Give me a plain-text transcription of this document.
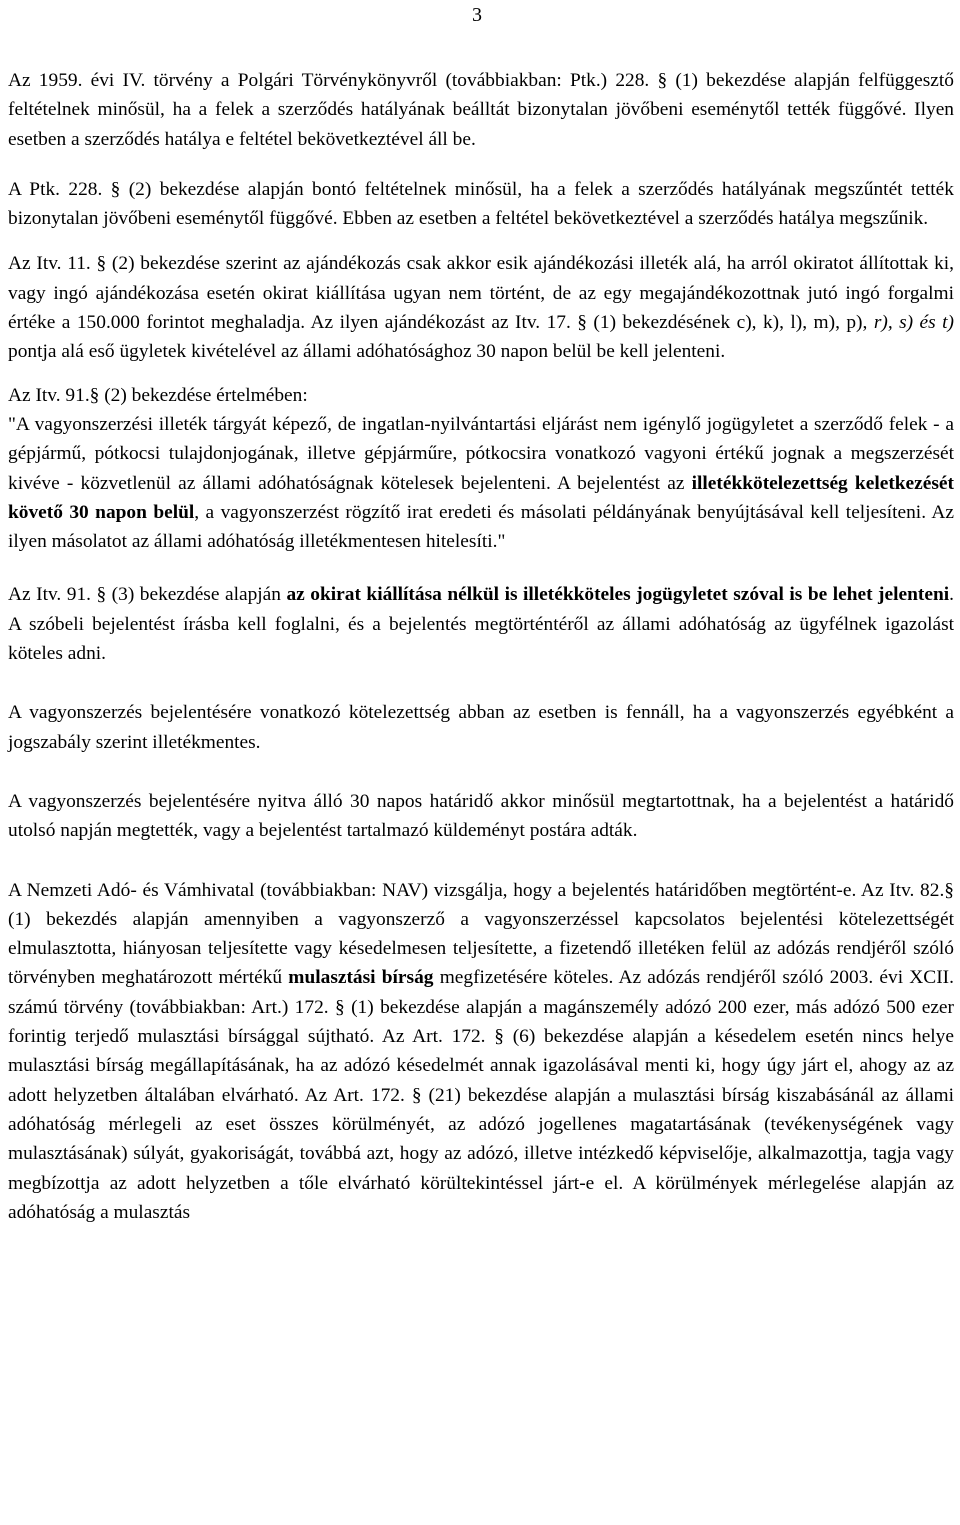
3

Az 1959. évi IV. törvény a Polgári Törvénykönyvről (továbbiakban: Ptk.) 228. § (1) bekezdése alapján felfüggesztő feltételnek minősül, ha a felek a szerződés hatályának beálltát bizonytalan jövőbeni eseménytől tették függővé. Ilyen esetben a szerződés hatálya e feltétel bekövetkeztével áll be.

A Ptk. 228. § (2) bekezdése alapján bontó feltételnek minősül, ha a felek a szerződés hatályának megszűntét tették bizonytalan jövőbeni eseménytől függővé. Ebben az esetben a feltétel bekövetkeztével a szerződés hatálya megszűnik.

Az Itv. 11. § (2) bekezdése szerint az ajándékozás csak akkor esik ajándékozási illeték alá, ha arról okiratot állítottak ki, vagy ingó ajándékozása esetén okirat kiállítása ugyan nem történt, de az egy megajándékozottnak jutó ingó forgalmi értéke a 150.000 forintot meghaladja. Az ilyen ajándékozást az Itv. 17. § (1) bekezdésének c), k), l), m), p), r), s) és t) pontja alá eső ügyletek kivételével az állami adóhatósághoz 30 napon belül be kell jelenteni.

Az Itv. 91.§ (2) bekezdése értelmében:
"A vagyonszerzési illeték tárgyát képező, de ingatlan-nyilvántartási eljárást nem igénylő jogügyletet a szerződő felek - a gépjármű, pótkocsi tulajdonjogának, illetve gépjárműre, pótkocsira vonatkozó vagyoni értékű jognak a megszerzését kivéve - közvetlenül az állami adóhatóságnak kötelesek bejelenteni. A bejelentést az illetékkötelezettség keletkezését követő 30 napon belül, a vagyonszerzést rögzítő irat eredeti és másolati példányának benyújtásával kell teljesíteni. Az ilyen másolatot az állami adóhatóság illetékmentesen hitelesíti."

Az Itv. 91. § (3) bekezdése alapján az okirat kiállítása nélkül is illetékköteles jogügyletet szóval is be lehet jelenteni. A szóbeli bejelentést írásba kell foglalni, és a bejelentés megtörténtéről az állami adóhatóság az ügyfélnek igazolást köteles adni.

A vagyonszerzés bejelentésére vonatkozó kötelezettség abban az esetben is fennáll, ha a vagyonszerzés egyébként a jogszabály szerint illetékmentes.

A vagyonszerzés bejelentésére nyitva álló 30 napos határidő akkor minősül megtartottnak, ha a bejelentést a határidő utolsó napján megtették, vagy a bejelentést tartalmazó küldeményt postára adták.

A Nemzeti Adó- és Vámhivatal (továbbiakban: NAV) vizsgálja, hogy a bejelentés határidőben megtörtént-e. Az Itv. 82.§ (1) bekezdés alapján amennyiben a vagyonszerző a vagyonszerzéssel kapcsolatos bejelentési kötelezettségét elmulasztotta, hiányosan teljesítette vagy késedelmesen teljesítette, a fizetendő illetéken felül az adózás rendjéről szóló törvényben meghatározott mértékű mulasztási bírság megfizetésére köteles. Az adózás rendjéről szóló 2003. évi XCII. számú törvény (továbbiakban: Art.) 172. § (1) bekezdése alapján a magánszemély adózó 200 ezer, más adózó 500 ezer forintig terjedő mulasztási bírsággal sújtható. Az Art. 172. § (6) bekezdése alapján a késedelem esetén nincs helye mulasztási bírság megállapításának, ha az adózó késedelmét annak igazolásával menti ki, hogy úgy járt el, ahogy az az adott helyzetben általában elvárható. Az Art. 172. § (21) bekezdése alapján a mulasztási bírság kiszabásánál az állami adóhatóság mérlegeli az eset összes körülményét, az adózó jogellenes magatartásának (tevékenységének vagy mulasztásának) súlyát, gyakoriságát, továbbá azt, hogy az adózó, illetve intézkedő képviselője, alkalmazottja, tagja vagy megbízottja az adott helyzetben a tőle elvárható körültekintéssel járt-e el. A körülmények mérlegelése alapján az adóhatóság a mulasztás
